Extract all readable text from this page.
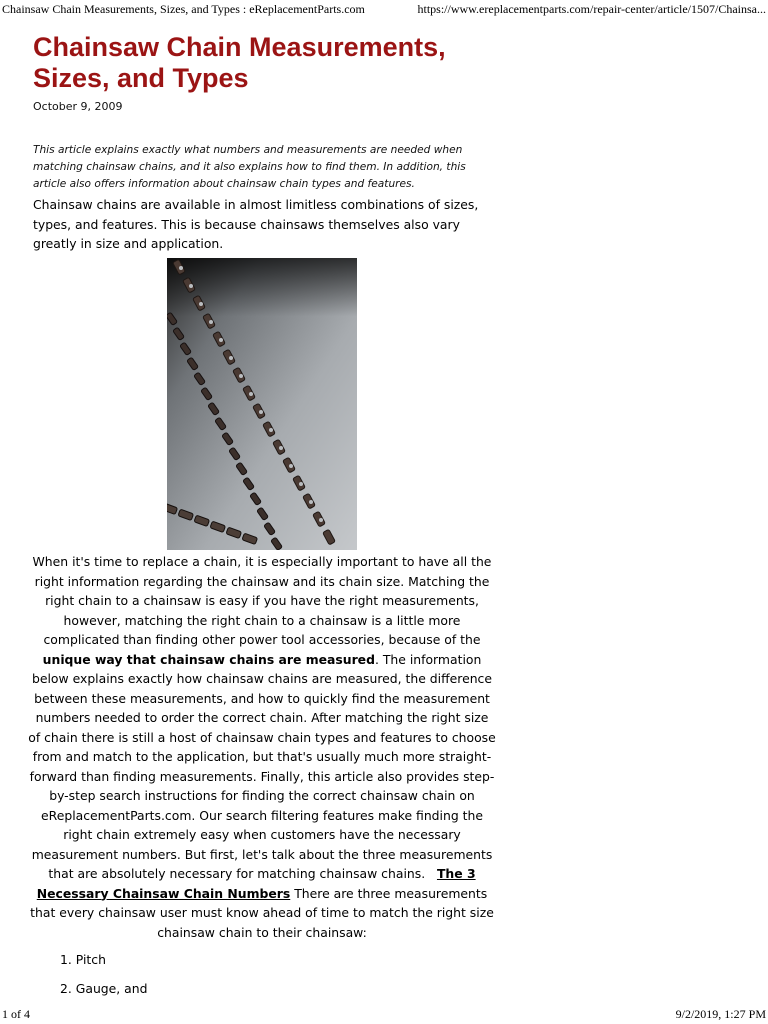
Chainsaw Chain Measurements, Sizes, and Types : eReplacementParts.com	https://www.ereplacementparts.com/repair-center/article/1507/Chainsa...
Chainsaw Chain Measurements, Sizes, and Types
October 9, 2009
This article explains exactly what numbers and measurements are needed when matching chainsaw chains, and it also explains how to find them. In addition, this article also offers information about chainsaw chain types and features.
Chainsaw chains are available in almost limitless combinations of sizes, types, and features. This is because chainsaws themselves also vary greatly in size and application.
When it's time to replace a chain, it is especially important to have all the right information regarding the chainsaw and its chain size. Matching the right chain to a chainsaw is easy if you have the right measurements, however, matching the right chain to a chainsaw is a little more complicated than finding other power tool accessories, because of the unique way that chainsaw chains are measured. The information below explains exactly how chainsaw chains are measured, the difference between these measurements, and how to quickly find the measurement numbers needed to order the correct chain. After matching the right size of chain there is still a host of chainsaw chain types and features to choose from and match to the application, but that's usually much more straight-forward than finding measurements. Finally, this article also provides step-by-step search instructions for finding the correct chainsaw chain on eReplacementParts.com. Our search filtering features make finding the right chain extremely easy when customers have the necessary measurement numbers. But first, let's talk about the three measurements that are absolutely necessary for matching chainsaw chains. The 3 Necessary Chainsaw Chain Numbers There are three measurements that every chainsaw user must know ahead of time to match the right size chainsaw chain to their chainsaw:
1. Pitch
2. Gauge, and
1 of 4	9/2/2019, 1:27 PM
